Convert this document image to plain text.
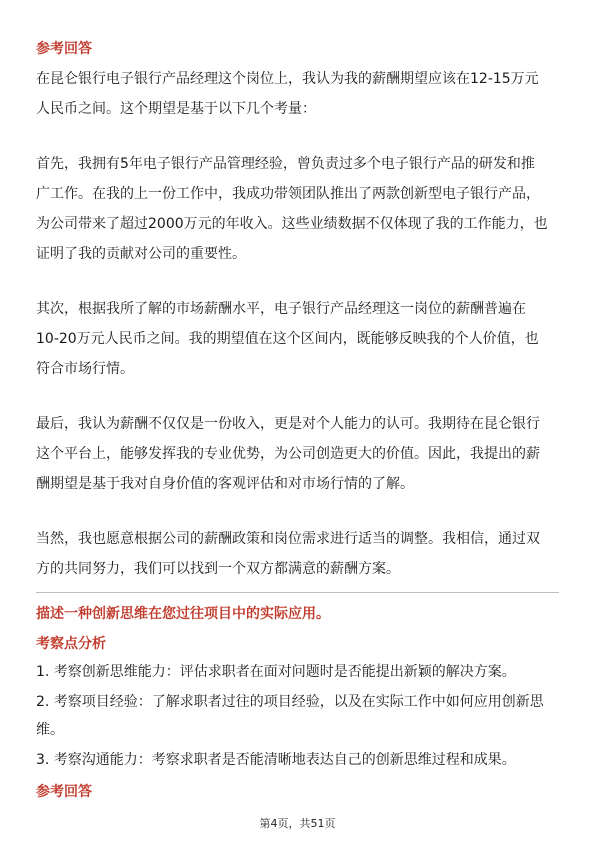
参考回答
在昆仑银行电子银行产品经理这个岗位上，我认为我的薪酬期望应该在12-15万元
人民币之间。这个期望是基于以下几个考量：
首先，我拥有5年电子银行产品管理经验，曾负责过多个电子银行产品的研发和推
广工作。在我的上一份工作中，我成功带领团队推出了两款创新型电子银行产品，
为公司带来了超过2000万元的年收入。这些业绩数据不仅体现了我的工作能力，也
证明了我的贡献对公司的重要性。
其次，根据我所了解的市场薪酬水平，电子银行产品经理这一岗位的薪酬普遍在
10-20万元人民币之间。我的期望值在这个区间内，既能够反映我的个人价值，也
符合市场行情。
最后，我认为薪酬不仅仅是一份收入，更是对个人能力的认可。我期待在昆仑银行
这个平台上，能够发挥我的专业优势，为公司创造更大的价值。因此，我提出的薪
酬期望是基于我对自身价值的客观评估和对市场行情的了解。
当然，我也愿意根据公司的薪酬政策和岗位需求进行适当的调整。我相信，通过双
方的共同努力，我们可以找到一个双方都满意的薪酬方案。
描述一种创新思维在您过往项目中的实际应用。
考察点分析
1. 考察创新思维能力：评估求职者在面对问题时是否能提出新颖的解决方案。
2. 考察项目经验：了解求职者过往的项目经验，以及在实际工作中如何应用创新思
维。
3. 考察沟通能力：考察求职者是否能清晰地表达自己的创新思维过程和成果。
参考回答
第4页，共51页
